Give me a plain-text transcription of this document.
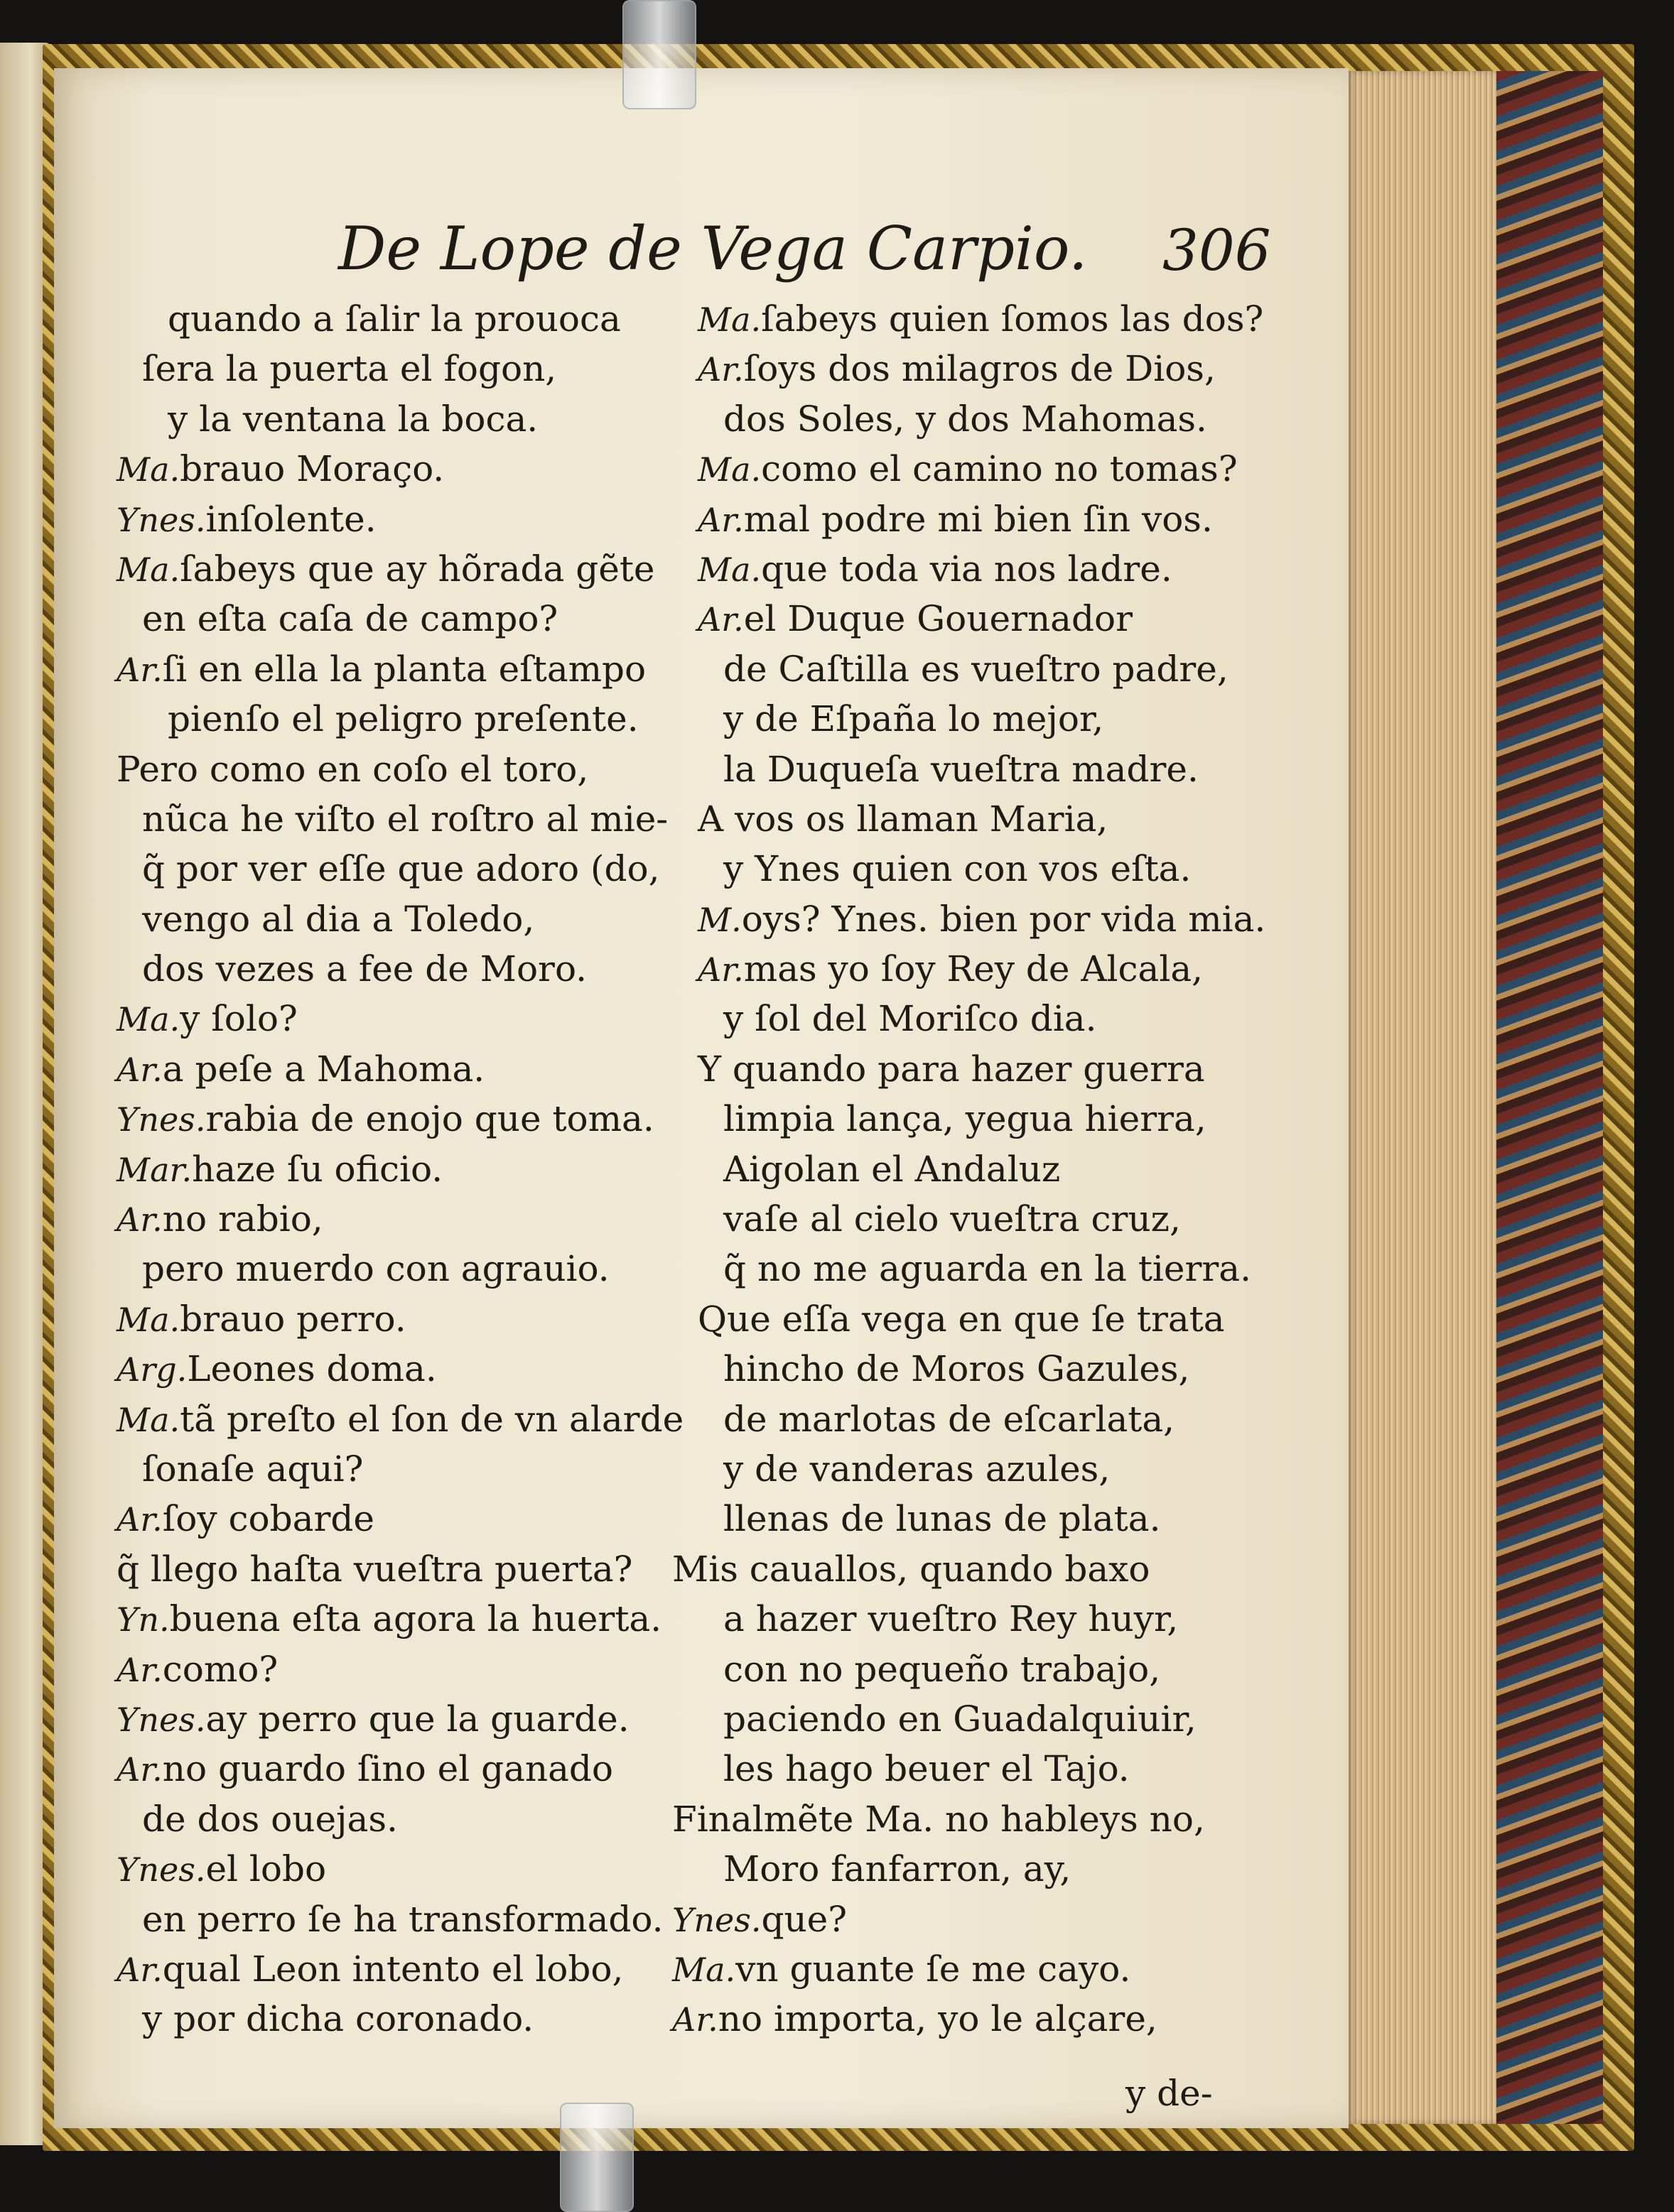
De Lope de Vega Carpio. 306
quando a ſalir la prouoca
ſera la puerta el fogon,
y la ventana la boca.
Ma.brauo Moraço.
Ynes.inſolente.
Ma.ſabeys que ay hõrada gẽte
en eſta caſa de campo?
Ar.ſi en ella la planta eſtampo
pienſo el peligro preſente.
Pero como en coſo el toro,
nũca he viſto el roſtro al mie-
q̃ por ver eſſe que adoro (do,
vengo al dia a Toledo,
dos vezes a fee de Moro.
Ma.y ſolo?
Ar.a peſe a Mahoma.
Ynes.rabia de enojo que toma.
Mar.haze ſu oficio.
Ar.no rabio,
pero muerdo con agrauio.
Ma.brauo perro.
Arg.Leones doma.
Ma.tã preſto el ſon de vn alarde
ſonaſe aqui?
Ar.ſoy cobarde
q̃ llego haſta vueſtra puerta?
Yn.buena eſta agora la huerta.
Ar.como?
Ynes.ay perro que la guarde.
Ar.no guardo ſino el ganado
de dos ouejas.
Ynes.el lobo
en perro ſe ha transformado.
Ar.qual Leon intento el lobo,
y por dicha coronado.
Ma.ſabeys quien ſomos las dos?
Ar.ſoys dos milagros de Dios,
dos Soles, y dos Mahomas.
Ma.como el camino no tomas?
Ar.mal podre mi bien ſin vos.
Ma.que toda via nos ladre.
Ar.el Duque Gouernador
de Caſtilla es vueſtro padre,
y de Eſpaña lo mejor,
la Duqueſa vueſtra madre.
A vos os llaman Maria,
y Ynes quien con vos eſta.
M.oys? Ynes. bien por vida mia.
Ar.mas yo ſoy Rey de Alcala,
y ſol del Moriſco dia.
Y quando para hazer guerra
limpia lança, yegua hierra,
Aigolan el Andaluz
vaſe al cielo vueſtra cruz,
q̃ no me aguarda en la tierra.
Que eſſa vega en que ſe trata
hincho de Moros Gazules,
de marlotas de eſcarlata,
y de vanderas azules,
llenas de lunas de plata.
Mis cauallos, quando baxo
a hazer vueſtro Rey huyr,
con no pequeño trabajo,
paciendo en Guadalquiuir,
les hago beuer el Tajo.
Finalmẽte Ma. no hableys no,
Moro fanfarron, ay,
Ynes.que?
Ma.vn guante ſe me cayo.
Ar.no importa, yo le alçare,
y de-
